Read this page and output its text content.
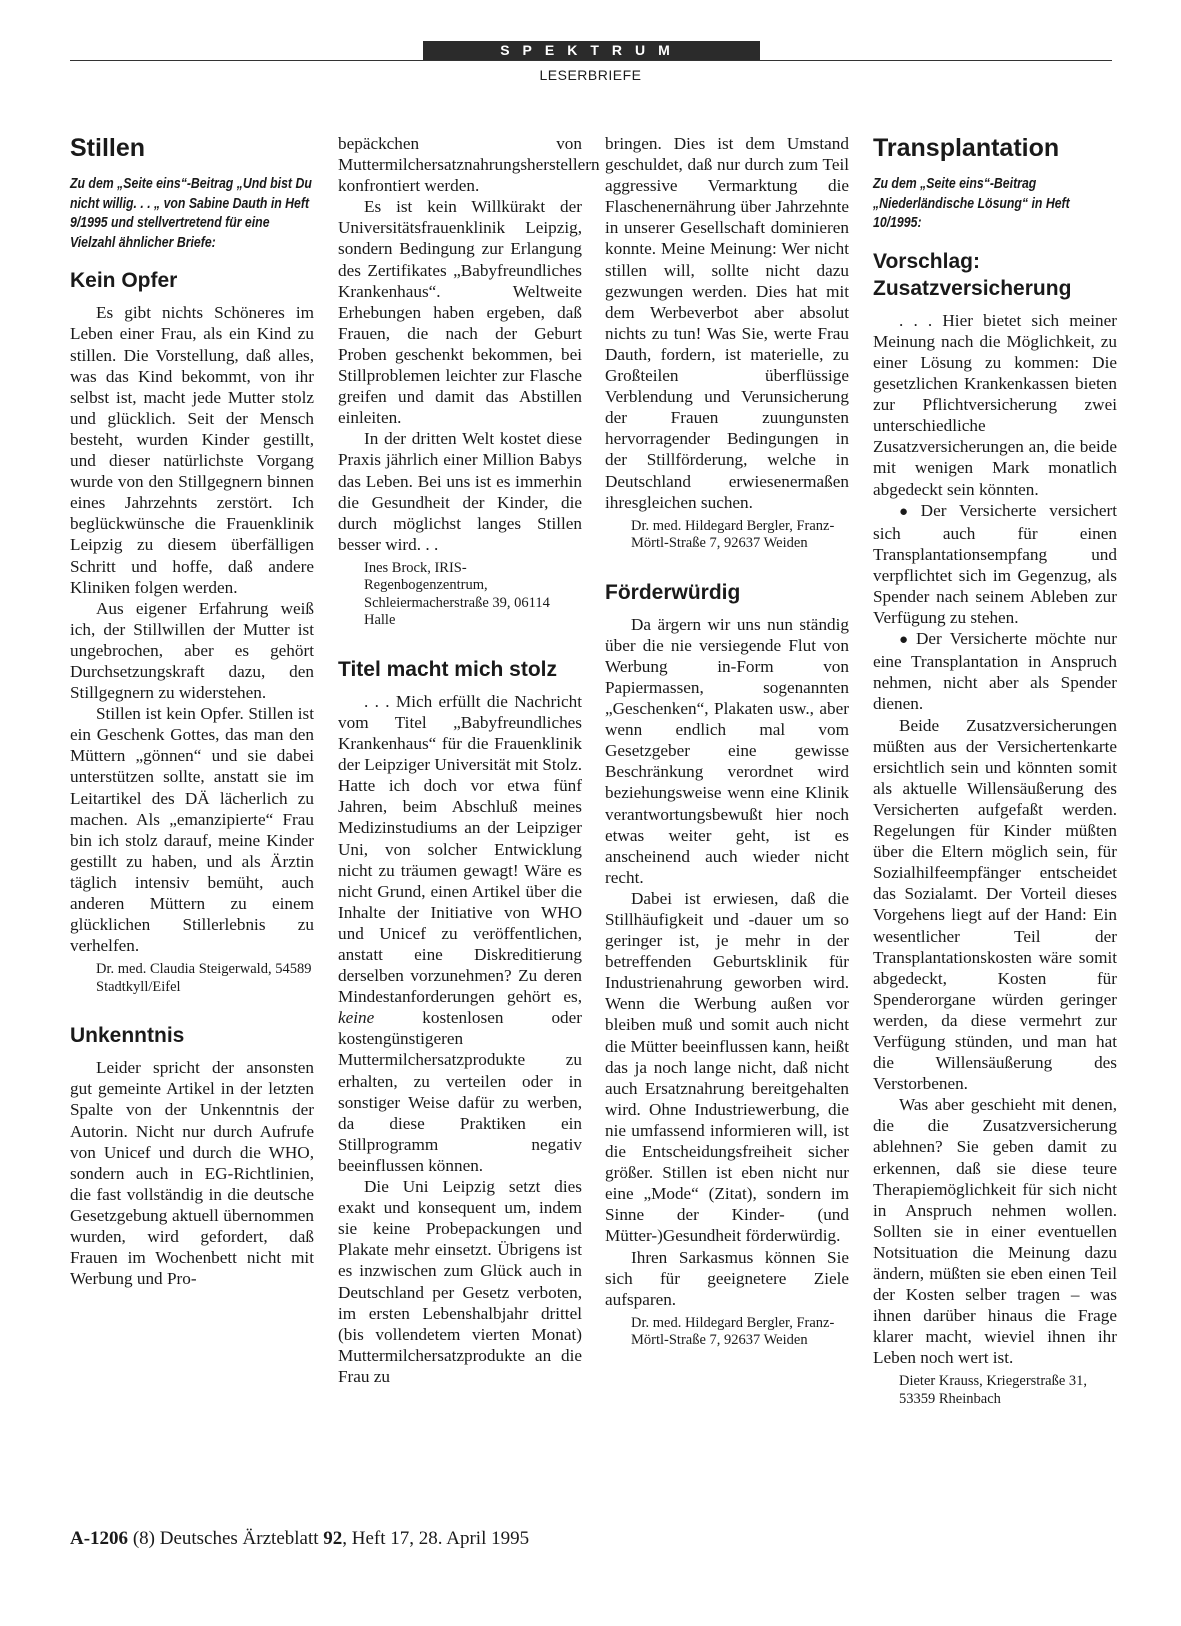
SPEKTRUM
LESERBRIEFE
Stillen
Zu dem „Seite eins“-Beitrag „Und bist Du nicht willig. . . „ von Sabine Dauth in Heft 9/1995 und stellvertretend für eine Vielzahl ähnlicher Briefe:
Kein Opfer

Es gibt nichts Schöneres im Leben einer Frau, als ein Kind zu stillen. Die Vorstellung, daß alles, was das Kind bekommt, von ihr selbst ist, macht jede Mutter stolz und glücklich. Seit der Mensch besteht, wurden Kinder gestillt, und dieser natürlichste Vorgang wurde von den Stillgegnern binnen eines Jahrzehnts zerstört. Ich beglückwünsche die Frauenklinik Leipzig zu diesem überfälligen Schritt und hoffe, daß andere Kliniken folgen werden.

Aus eigener Erfahrung weiß ich, der Stillwillen der Mutter ist ungebrochen, aber es gehört Durchsetzungskraft dazu, den Stillgegnern zu widerstehen.

Stillen ist kein Opfer. Stillen ist ein Geschenk Gottes, das man den Müttern „gönnen“ und sie dabei unterstützen sollte, anstatt sie im Leitartikel des DÄ lächerlich zu machen. Als „emanzipierte“ Frau bin ich stolz darauf, meine Kinder gestillt zu haben, und als Ärztin täglich intensiv bemüht, auch anderen Müttern zu einem glücklichen Stillerlebnis zu verhelfen.

Dr. med. Claudia Steigerwald, 54589 Stadtkyll/Eifel

Unkenntnis

Leider spricht der ansonsten gut gemeinte Artikel in der letzten Spalte von der Unkenntnis der Autorin. Nicht nur durch Aufrufe von Unicef und durch die WHO, sondern auch in EG-Richtlinien, die fast vollständig in die deutsche Gesetzgebung aktuell übernommen wurden, wird gefordert, daß Frauen im Wochenbett nicht mit Werbung und Pro-

bepäckchen von Muttermilchersatznahrungsherstellern konfrontiert werden.

Es ist kein Willkürakt der Universitätsfrauenklinik Leipzig, sondern Bedingung zur Erlangung des Zertifikates „Babyfreundliches Krankenhaus“. Weltweite Erhebungen haben ergeben, daß Frauen, die nach der Geburt Proben geschenkt bekommen, bei Stillproblemen leichter zur Flasche greifen und damit das Abstillen einleiten.

In der dritten Welt kostet diese Praxis jährlich einer Million Babys das Leben. Bei uns ist es immerhin die Gesundheit der Kinder, die durch möglichst langes Stillen besser wird. . .

Ines Brock, IRIS-Regenbogenzentrum, Schleiermacherstraße 39, 06114 Halle

Titel macht mich stolz

. . . Mich erfüllt die Nachricht vom Titel „Babyfreundliches Krankenhaus“ für die Frauenklinik der Leipziger Universität mit Stolz. Hatte ich doch vor etwa fünf Jahren, beim Abschluß meines Medizinstudiums an der Leipziger Uni, von solcher Entwicklung nicht zu träumen gewagt! Wäre es nicht Grund, einen Artikel über die Inhalte der Initiative von WHO und Unicef zu veröffentlichen, anstatt eine Diskreditierung derselben vorzunehmen? Zu deren Mindestanforderungen gehört es, keine	kostenlosen oder kostengünstigeren Muttermilchersatzprodukte zu erhalten, zu verteilen oder in sonstiger Weise dafür zu werben, da diese Praktiken ein Stillprogramm negativ beeinflussen können.

Die Uni Leipzig setzt dies exakt und konsequent um, indem sie keine Probepackungen und Plakate mehr einsetzt. Übrigens ist es inzwischen zum Glück auch in Deutschland per Gesetz verboten, im ersten Lebenshalbjahr drittel (bis vollendetem vierten Monat) Muttermilchersatzprodukte an die Frau zu

bringen. Dies ist dem Umstand geschuldet, daß nur durch zum Teil aggressive Vermarktung die Flaschenernährung über Jahrzehnte in unserer Gesellschaft dominieren konnte. Meine Meinung: Wer nicht stillen will, sollte nicht dazu gezwungen werden. Dies hat mit dem Werbeverbot aber absolut nichts zu tun! Was Sie, werte Frau Dauth, fordern, ist materielle, zu Großteilen überflüssige Verblendung und Verunsicherung der Frauen zuungunsten hervorragender Bedingungen in der Stillförderung, welche in Deutschland erwiesenermaßen ihresgleichen suchen.

Dr. med. Hildegard Bergler, Franz-Mörtl-Straße 7, 92637 Weiden

Förderwürdig

Da ärgern wir uns nun ständig über die nie versiegende Flut von Werbung in-Form von Papiermassen, sogenannten „Geschenken“, Plakaten usw., aber wenn endlich mal vom Gesetzgeber eine gewisse Beschränkung verordnet wird beziehungsweise wenn eine Klinik verantwortungsbewußt hier noch etwas weiter geht, ist es anscheinend auch wieder nicht recht.

Dabei ist erwiesen, daß die Stillhäufigkeit und -dauer um so geringer ist, je mehr in der betreffenden Geburtsklinik für Industrienahrung geworben wird. Wenn die Werbung außen vor bleiben muß und somit auch nicht die Mütter beeinflussen kann, heißt das ja noch lange nicht, daß nicht auch Ersatznahrung bereitgehalten wird. Ohne Industriewerbung, die nie umfassend informieren will, ist die Entscheidungsfreiheit sicher größer. Stillen ist eben nicht nur eine „Mode“ (Zitat), sondern im Sinne der Kinder- (und Mütter-)Gesundheit förderwürdig.

Ihren Sarkasmus können Sie sich für geeignetere Ziele aufsparen.

Dr. med. Hildegard Bergler, Franz-Mörtl-Straße 7, 92637 Weiden

Transplantation
Zu dem „Seite eins“-Beitrag „Niederländische Lösung“ in Heft 10/1995:
Vorschlag: Zusatzversicherung

. . . Hier bietet sich meiner Meinung nach die Möglichkeit, zu einer Lösung zu kommen: Die gesetzlichen Krankenkassen bieten zur Pflichtversicherung zwei unterschiedliche Zusatzversicherungen an, die beide mit wenigen Mark monatlich abgedeckt sein könnten.

● Der Versicherte versichert sich auch für einen Transplantationsempfang und verpflichtet sich im Gegenzug, als Spender nach seinem Ableben zur Verfügung zu stehen.

● Der Versicherte möchte nur eine Transplantation in Anspruch nehmen, nicht aber als Spender dienen.

Beide Zusatzversicherungen müßten aus der Versichertenkarte ersichtlich sein und könnten somit als aktuelle Willensäußerung des Versicherten aufgefaßt werden. Regelungen für Kinder müßten über die Eltern möglich sein, für Sozialhilfeempfänger entscheidet das Sozialamt. Der Vorteil dieses Vorgehens liegt auf der Hand: Ein wesentlicher Teil der Transplantationskosten wäre somit abgedeckt, Kosten für Spenderorgane würden geringer werden, da diese vermehrt zur Verfügung stünden, und man hat die Willensäußerung des Verstorbenen.

Was aber geschieht mit denen, die die Zusatzversicherung ablehnen? Sie geben damit zu erkennen, daß sie diese teure Therapiemöglichkeit für sich nicht in Anspruch nehmen wollen. Sollten sie in einer eventuellen Notsituation die Meinung dazu ändern, müßten sie eben einen Teil der Kosten selber tragen – was ihnen darüber hinaus die Frage klarer macht, wieviel ihnen ihr Leben noch wert ist.

Dieter Krauss, Kriegerstraße 31, 53359 Rheinbach

A-1206 (8) Deutsches Ärzteblatt 92, Heft 17, 28. April 1995
